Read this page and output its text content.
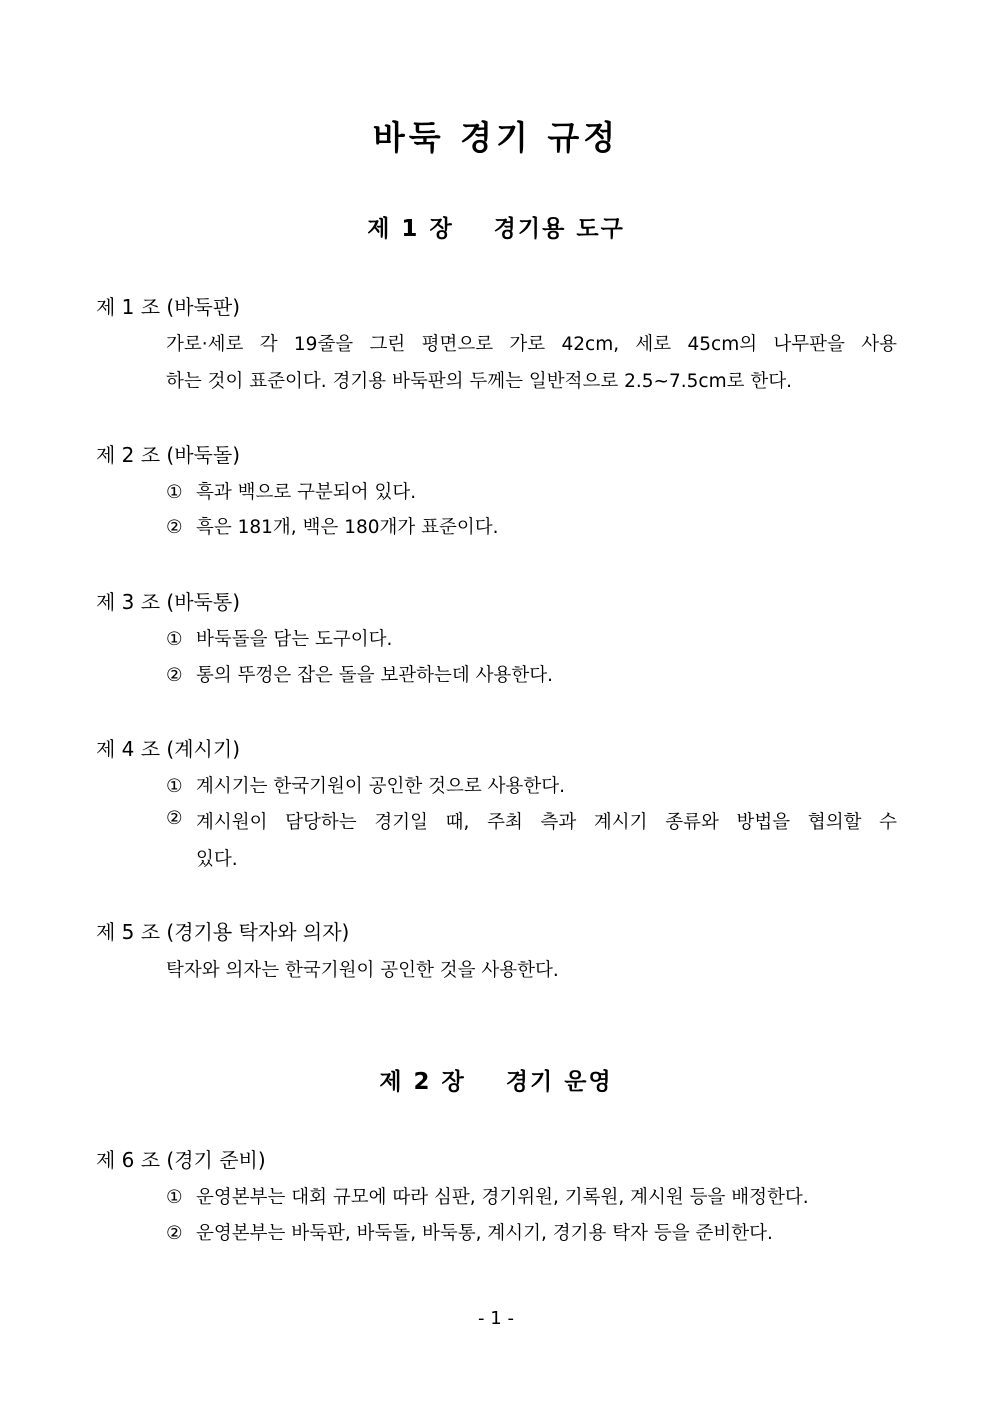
바둑 경기 규정
제 1 장    경기용 도구
제 1 조 (바둑판)
가로·세로 각 19줄을 그린 평면으로 가로 42cm, 세로 45cm의 나무판을 사용
하는 것이 표준이다. 경기용 바둑판의 두께는 일반적으로 2.5~7.5cm로 한다.
제 2 조 (바둑돌)
① 흑과 백으로 구분되어 있다.
② 흑은 181개, 백은 180개가 표준이다.
제 3 조 (바둑통)
① 바둑돌을 담는 도구이다.
② 통의 뚜껑은 잡은 돌을 보관하는데 사용한다.
제 4 조 (계시기)
① 계시기는 한국기원이 공인한 것으로 사용한다.
② 계시원이 담당하는 경기일 때, 주최 측과 계시기 종류와 방법을 협의할 수
있다.
제 5 조 (경기용 탁자와 의자)
탁자와 의자는 한국기원이 공인한 것을 사용한다.
제 2 장    경기 운영
제 6 조 (경기 준비)
① 운영본부는 대회 규모에 따라 심판, 경기위원, 기록원, 계시원 등을 배정한다.
② 운영본부는 바둑판, 바둑돌, 바둑통, 계시기, 경기용 탁자 등을 준비한다.
- 1 -
